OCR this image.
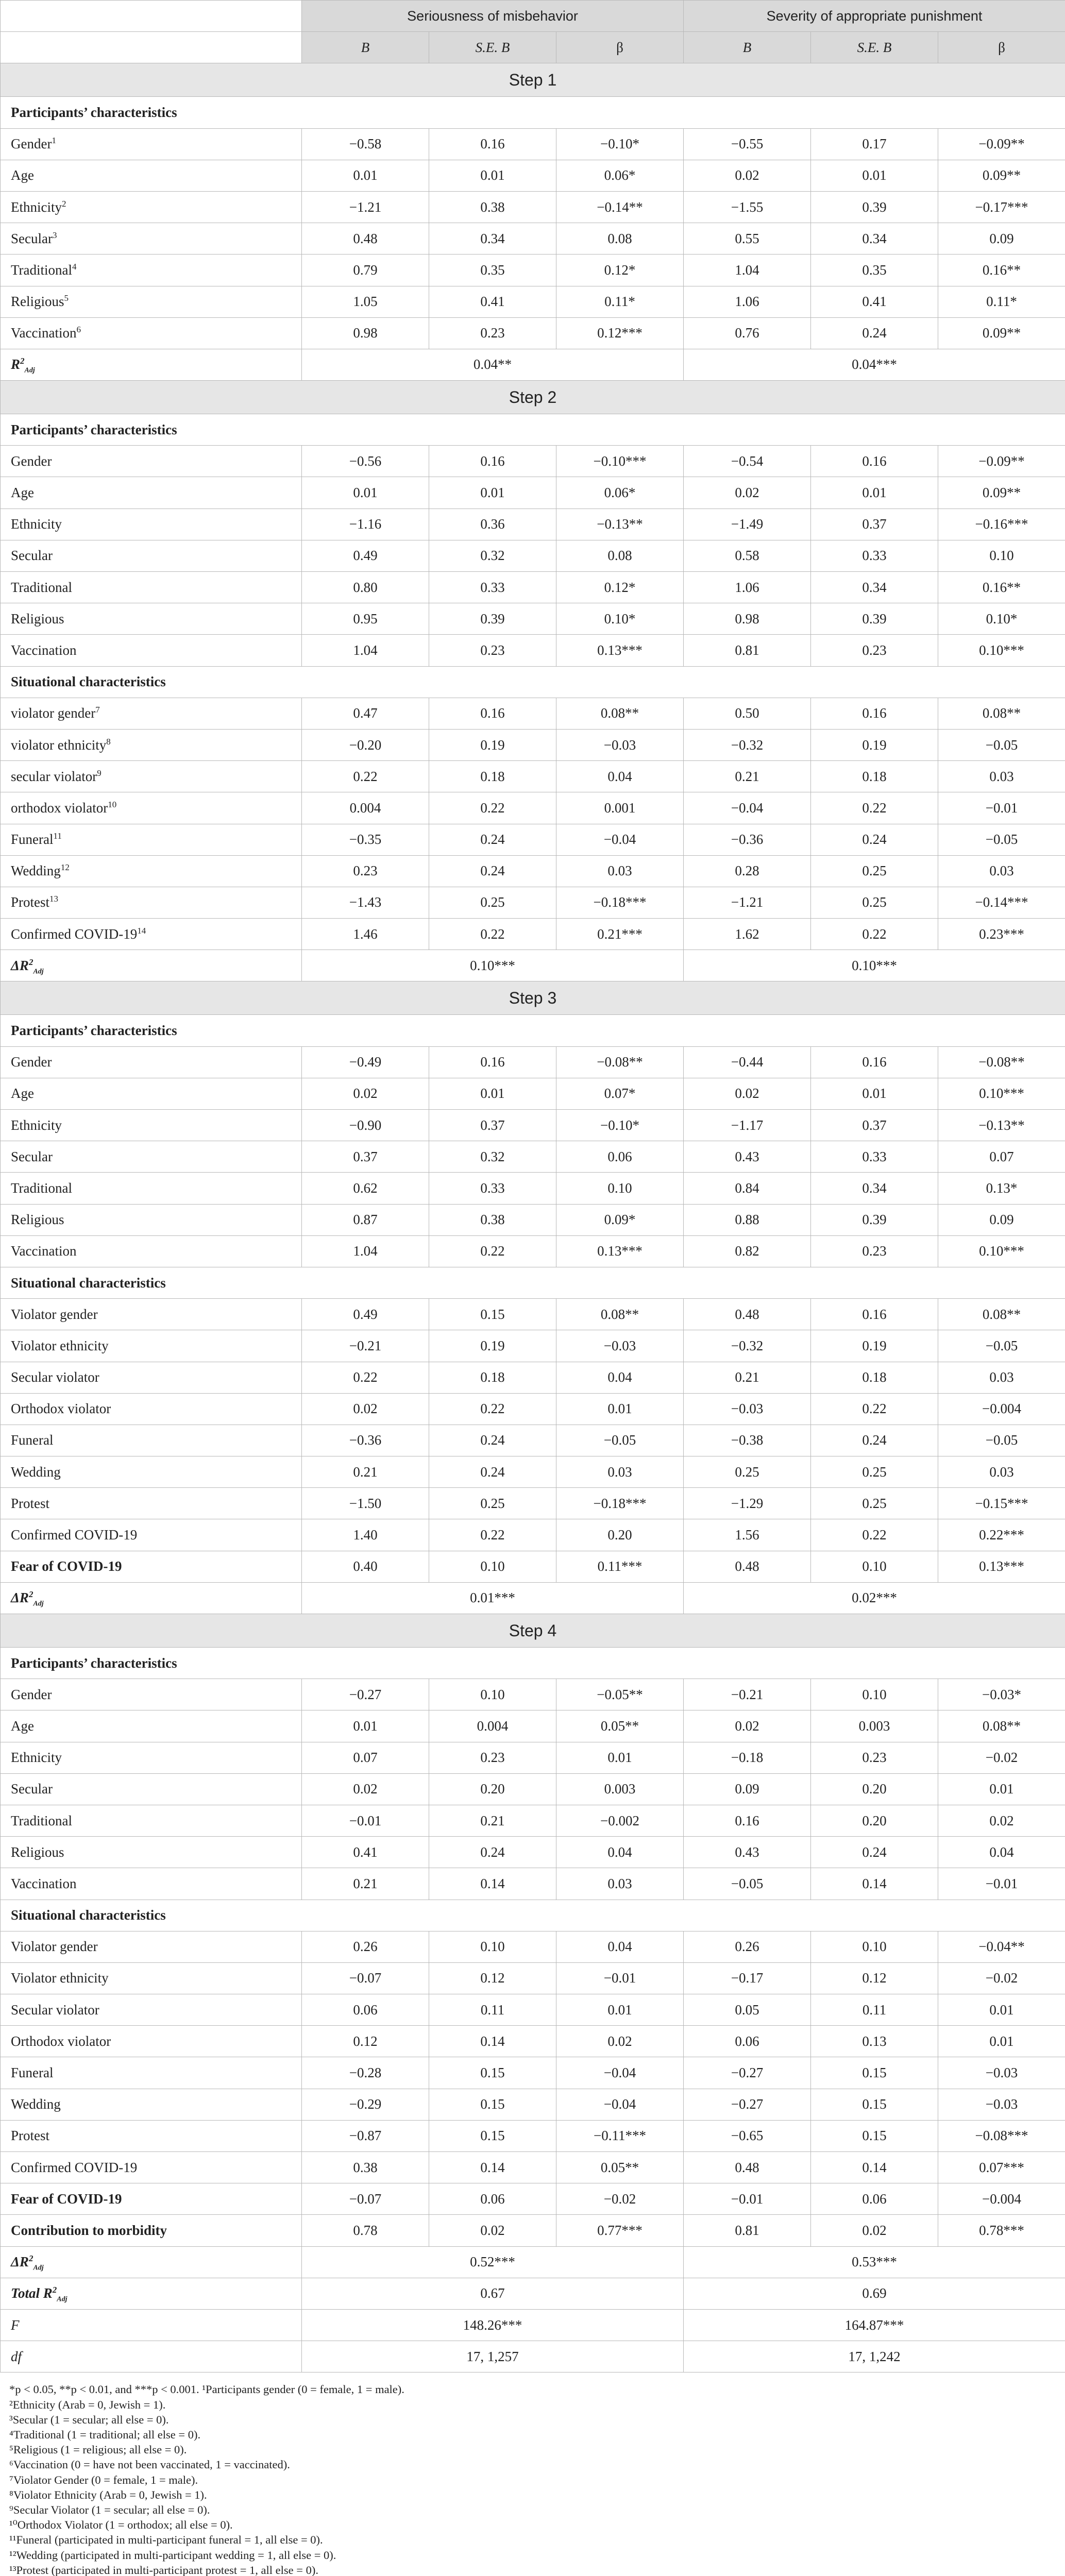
	Seriousness of misbehavior			Severity of appropriate punishment		
	B	S.E. B	β	B	S.E. B	β
Step 1						
Participants’ characteristics						
Gender$^1$	−0.58	0.16	−0.10*	−0.55	0.17	−0.09**
Age	0.01	0.01	0.06*	0.02	0.01	0.09**
Ethnicity$^2$	−1.21	0.38	−0.14**	−1.55	0.39	−0.17***
Secular$^3$	0.48	0.34	0.08	0.55	0.34	0.09
Traditional$^4$	0.79	0.35	0.12*	1.04	0.35	0.16**
Religious$^5$	1.05	0.41	0.11*	1.06	0.41	0.11*
Vaccination$^6$	0.98	0.23	0.12***	0.76	0.24	0.09**
$R^2_{Adj}$	0.04**			0.04***		
Step 2						
Participants’ characteristics						
Gender	−0.56	0.16	−0.10***	−0.54	0.16	−0.09**
Age	0.01	0.01	0.06*	0.02	0.01	0.09**
Ethnicity	−1.16	0.36	−0.13**	−1.49	0.37	−0.16***
Secular	0.49	0.32	0.08	0.58	0.33	0.10
Traditional	0.80	0.33	0.12*	1.06	0.34	0.16**
Religious	0.95	0.39	0.10*	0.98	0.39	0.10*
Vaccination	1.04	0.23	0.13***	0.81	0.23	0.10***
Situational characteristics						
violator gender$^7$	0.47	0.16	0.08**	0.50	0.16	0.08**
violator ethnicity$^8$	−0.20	0.19	−0.03	−0.32	0.19	−0.05
secular violator$^9$	0.22	0.18	0.04	0.21	0.18	0.03
orthodox violator$^{10}$	0.004	0.22	0.001	−0.04	0.22	−0.01
Funeral$^{11}$	−0.35	0.24	−0.04	−0.36	0.24	−0.05
Wedding$^{12}$	0.23	0.24	0.03	0.28	0.25	0.03
Protest$^{13}$	−1.43	0.25	−0.18***	−1.21	0.25	−0.14***
Confirmed COVID-$19^{14}$	1.46	0.22	0.21***	1.62	0.22	0.23***
$\Delta R^2_{Adj}$	0.10***			0.10***		
Step 3						
Participants’ characteristics						
Gender	−0.49	0.16	−0.08**	−0.44	0.16	−0.08**
Age	0.02	0.01	0.07*	0.02	0.01	0.10***
Ethnicity	−0.90	0.37	−0.10*	−1.17	0.37	−0.13**
Secular	0.37	0.32	0.06	0.43	0.33	0.07
Traditional	0.62	0.33	0.10	0.84	0.34	0.13*
Religious	0.87	0.38	0.09*	0.88	0.39	0.09
Vaccination	1.04	0.22	0.13***	0.82	0.23	0.10***
Situational characteristics						
Violator gender	0.49	0.15	0.08**	0.48	0.16	0.08**
Violator ethnicity	−0.21	0.19	−0.03	−0.32	0.19	−0.05
Secular violator	0.22	0.18	0.04	0.21	0.18	0.03
Orthodox violator	0.02	0.22	0.01	−0.03	0.22	−0.004
Funeral	−0.36	0.24	−0.05	−0.38	0.24	−0.05
Wedding	0.21	0.24	0.03	0.25	0.25	0.03
Protest	−1.50	0.25	−0.18***	−1.29	0.25	−0.15***
Confirmed COVID-19	1.40	0.22	0.20	1.56	0.22	0.22***
Fear of COVID-19	0.40	0.10	0.11***	0.48	0.10	0.13***
$\Delta R^2_{Adj}$	0.01***			0.02***		
Step 4						
Participants’ characteristics						
Gender	−0.27	0.10	−0.05**	−0.21	0.10	−0.03*
Age	0.01	0.004	0.05**	0.02	0.003	0.08**
Ethnicity	0.07	0.23	0.01	−0.18	0.23	−0.02
Secular	0.02	0.20	0.003	0.09	0.20	0.01
Traditional	−0.01	0.21	−0.002	0.16	0.20	0.02
Religious	0.41	0.24	0.04	0.43	0.24	0.04
Vaccination	0.21	0.14	0.03	−0.05	0.14	−0.01
Situational characteristics						
Violator gender	0.26	0.10	0.04	0.26	0.10	−0.04**
Violator ethnicity	−0.07	0.12	−0.01	−0.17	0.12	−0.02
Secular violator	0.06	0.11	0.01	0.05	0.11	0.01
Orthodox violator	0.12	0.14	0.02	0.06	0.13	0.01
Funeral	−0.28	0.15	−0.04	−0.27	0.15	−0.03
Wedding	−0.29	0.15	−0.04	−0.27	0.15	−0.03
Protest	−0.87	0.15	−0.11***	−0.65	0.15	−0.08***
Confirmed COVID-19	0.38	0.14	0.05**	0.48	0.14	0.07***
Fear of COVID-19	−0.07	0.06	−0.02	−0.01	0.06	−0.004
Contribution to morbidity	0.78	0.02	0.77***	0.81	0.02	0.78***
$\Delta R^2_{Adj}$	0.52***			0.53***		
Total $R^2_{Adj}$	0.67			0.69		
F	148.26***			164.87***		
df	17, 1,257			17, 1,242		
*p < 0.05, **p < 0.01, and ***p < 0.001. ¹Participants gender (0 = female, 1 = male).
²Ethnicity (Arab = 0, Jewish = 1).
³Secular (1 = secular; all else = 0).
⁴Traditional (1 = traditional; all else = 0).
⁵Religious (1 = religious; all else = 0).
⁶Vaccination (0 = have not been vaccinated, 1 = vaccinated).
⁷Violator Gender (0 = female, 1 = male).
⁸Violator Ethnicity (Arab = 0, Jewish = 1).
⁹Secular Violator (1 = secular; all else = 0).
¹⁰Orthodox Violator (1 = orthodox; all else = 0).
¹¹Funeral (participated in multi-participant funeral = 1, all else = 0).
¹²Wedding (participated in multi-participant wedding = 1, all else = 0).
¹³Protest (participated in multi-participant protest = 1, all else = 0).
